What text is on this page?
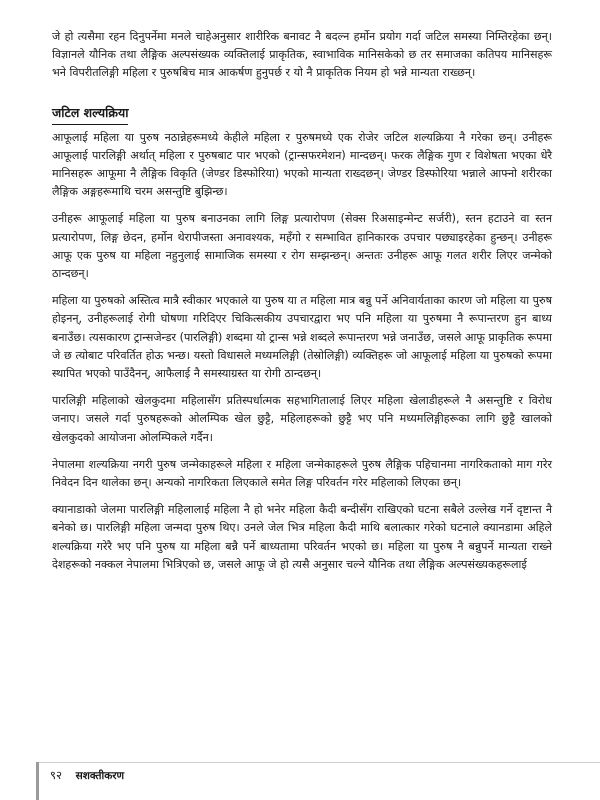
जे हो त्यसैमा रहन दिनुपर्नेमा मनले चाहेअनुसार शारीरिक बनावट नै बदल्न हर्मोन प्रयोग गर्दा जटिल समस्या निम्तिरहेका छन्। विज्ञानले यौनिक तथा लैङ्गिक अल्पसंख्यक व्यक्तिलाई प्राकृतिक, स्वाभाविक मानिसकेको छ तर समाजका कतिपय मानिसहरू भने विपरीतलिङ्गी महिला र पुरुषबिच मात्र आकर्षण हुनुपर्छ र यो नै प्राकृतिक नियम हो भन्ने मान्यता राख्छन्।

जटिल शल्यक्रिया

आफूलाई महिला या पुरुष नठान्नेहरूमध्ये केहीले महिला र पुरुषमध्ये एक रोजेर जटिल शल्यक्रिया नै गरेका छन्। उनीहरू आफूलाई पारलिङ्गी अर्थात् महिला र पुरुषबाट पार भएको (ट्रान्सफरमेशन) मान्दछन्। फरक लैङ्गिक गुण र विशेषता भएका धेरै मानिसहरू आफूमा नै लैङ्गिक विकृति (जेण्डर डिस्फोरिया) भएको मान्यता राख्दछन्। जेण्डर डिस्फोरिया भन्नाले आफ्नो शरीरका लैङ्गिक अङ्गहरूमाथि चरम असन्तुष्टि बुझिन्छ।

उनीहरू आफूलाई महिला या पुरुष बनाउनका लागि लिङ्ग प्रत्यारोपण (सेक्स रिअसाइन्मेन्ट सर्जरी), स्तन हटाउने वा स्तन प्रत्यारोपण, लिङ्ग छेदन, हर्मोन थेरापीजस्ता अनावश्यक, महँगो र सम्भावित हानिकारक उपचार पछ्याइरहेका हुन्छन्। उनीहरू आफू एक पुरुष या महिला नहुनुलाई सामाजिक समस्या र रोग सम्झन्छन्। अन्ततः उनीहरू आफू गलत शरीर लिएर जन्मेको ठान्दछन्।

महिला या पुरुषको अस्तित्व मात्रै स्वीकार भएकाले या पुरुष या त महिला मात्र बन्नु पर्ने अनिवार्यताका कारण जो महिला या पुरुष होइनन्, उनीहरूलाई रोगी घोषणा गरिदिएर चिकित्सकीय उपचारद्वारा भए पनि महिला या पुरुषमा नै रूपान्तरण हुन बाध्य बनाउँछ। त्यसकारण ट्रान्सजेन्डर (पारलिङ्गी) शब्दमा यो ट्रान्स भन्ने शब्दले रूपान्तरण भन्ने जनाउँछ, जसले आफू प्राकृतिक रूपमा जे छ त्योबाट परिवर्तित होऊ भन्छ। यस्तो विधासले मध्यमलिङ्गी (तेस्रोलिङ्गी) व्यक्तिहरू जो आफूलाई महिला या पुरुषको रूपमा स्थापित भएको पाउँदैनन्, आफैलाई नै समस्याग्रस्त या रोगी ठान्दछन्।

पारलिङ्गी महिलाको खेलकुदमा महिलासँग प्रतिस्पर्धात्मक सहभागितालाई लिएर महिला खेलाडीहरूले नै असन्तुष्टि र विरोध जनाए। जसले गर्दा पुरुषहरूको ओलम्पिक खेल छुट्टै, महिलाहरूको छुट्टै भए पनि मध्यमलिङ्गीहरूका लागि छुट्टै खालको खेलकुदको आयोजना ओलम्पिकले गर्दैन।

नेपालमा शल्यक्रिया नगरी पुरुष जन्मेकाहरूले महिला र महिला जन्मेकाहरूले पुरुष लैङ्गिक पहिचानमा नागरिकताको माग गरेर निवेदन दिन थालेका छन्। अन्यको नागरिकता लिएकाले समेत लिङ्ग परिवर्तन गरेर महिलाको लिएका छन्।

क्यानाडाको जेलमा पारलिङ्गी महिलालाई महिला नै हो भनेर महिला कैदी बन्दीसँग राखिएको घटना सबैले उल्लेख गर्ने दृष्टान्त नै बनेको छ। पारलिङ्गी महिला जन्मदा पुरुष थिए। उनले जेल भित्र महिला कैदी माथि बलात्कार गरेको घटनाले क्यानडामा अहिले शल्यक्रिया गरेरै भए पनि पुरुष या महिला बन्नै पर्ने बाध्यतामा परिवर्तन भएको छ। महिला या पुरुष नै बन्नुपर्ने मान्यता राख्ने देशहरूको नक्कल नेपालमा भित्रिएको छ, जसले आफू जे हो त्यसै अनुसार चल्ने यौनिक तथा लैङ्गिक अल्पसंख्यकहरूलाई

९२ सशक्तीकरण
